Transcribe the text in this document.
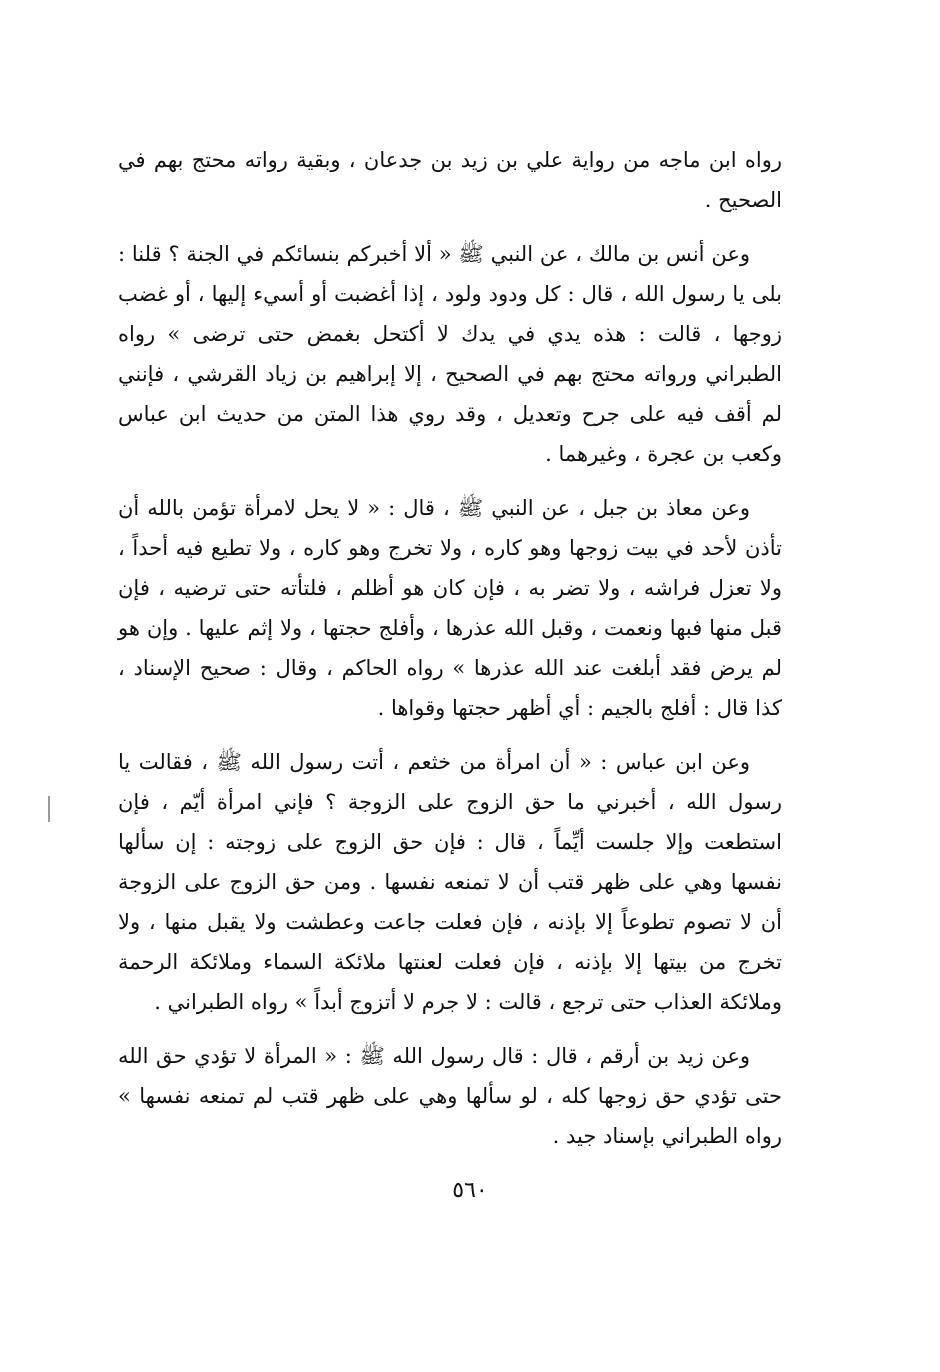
رواه ابن ماجه من رواية علي بن زيد بن جدعان ، وبقية رواته محتج بهم في الصحيح .

وعن أنس بن مالك ، عن النبي ﷺ « ألا أخبركم بنسائكم في الجنة ؟ قلنا : بلى يا رسول الله ، قال : كل ودود ولود ، إذا أغضبت أو أسيء إليها ، أو غضب زوجها ، قالت : هذه يدي في يدك لا أكتحل بغمض حتى ترضى » رواه الطبراني ورواته محتج بهم في الصحيح ، إلا إبراهيم بن زياد القرشي ، فإنني لم أقف فيه على جرح وتعديل ، وقد روي هذا المتن من حديث ابن عباس وكعب بن عجرة ، وغيرهما .

وعن معاذ بن جبل ، عن النبي ﷺ ، قال : « لا يحل لامرأة تؤمن بالله أن تأذن لأحد في بيت زوجها وهو كاره ، ولا تخرج وهو كاره ، ولا تطيع فيه أحداً ، ولا تعزل فراشه ، ولا تضر به ، فإن كان هو أظلم ، فلتأته حتى ترضيه ، فإن قبل منها فبها ونعمت ، وقبل الله عذرها ، وأفلج حجتها ، ولا إثم عليها . وإن هو لم يرض فقد أبلغت عند الله عذرها » رواه الحاكم ، وقال : صحيح الإسناد ، كذا قال : أفلج بالجيم : أي أظهر حجتها وقواها .

وعن ابن عباس : « أن امرأة من خثعم ، أتت رسول الله ﷺ ، فقالت يا رسول الله ، أخبرني ما حق الزوج على الزوجة ؟ فإني امرأة أيّم ، فإن استطعت وإلا جلست أيِّماً ، قال : فإن حق الزوج على زوجته : إن سألها نفسها وهي على ظهر قتب أن لا تمنعه نفسها . ومن حق الزوج على الزوجة أن لا تصوم تطوعاً إلا بإذنه ، فإن فعلت جاعت وعطشت ولا يقبل منها ، ولا تخرج من بيتها إلا بإذنه ، فإن فعلت لعنتها ملائكة السماء وملائكة الرحمة وملائكة العذاب حتى ترجع ، قالت : لا جرم لا أتزوج أبداً » رواه الطبراني .

وعن زيد بن أرقم ، قال : قال رسول الله ﷺ : « المرأة لا تؤدي حق الله حتى تؤدي حق زوجها كله ، لو سألها وهي على ظهر قتب لم تمنعه نفسها » رواه الطبراني بإسناد جيد .

٥٦٠
